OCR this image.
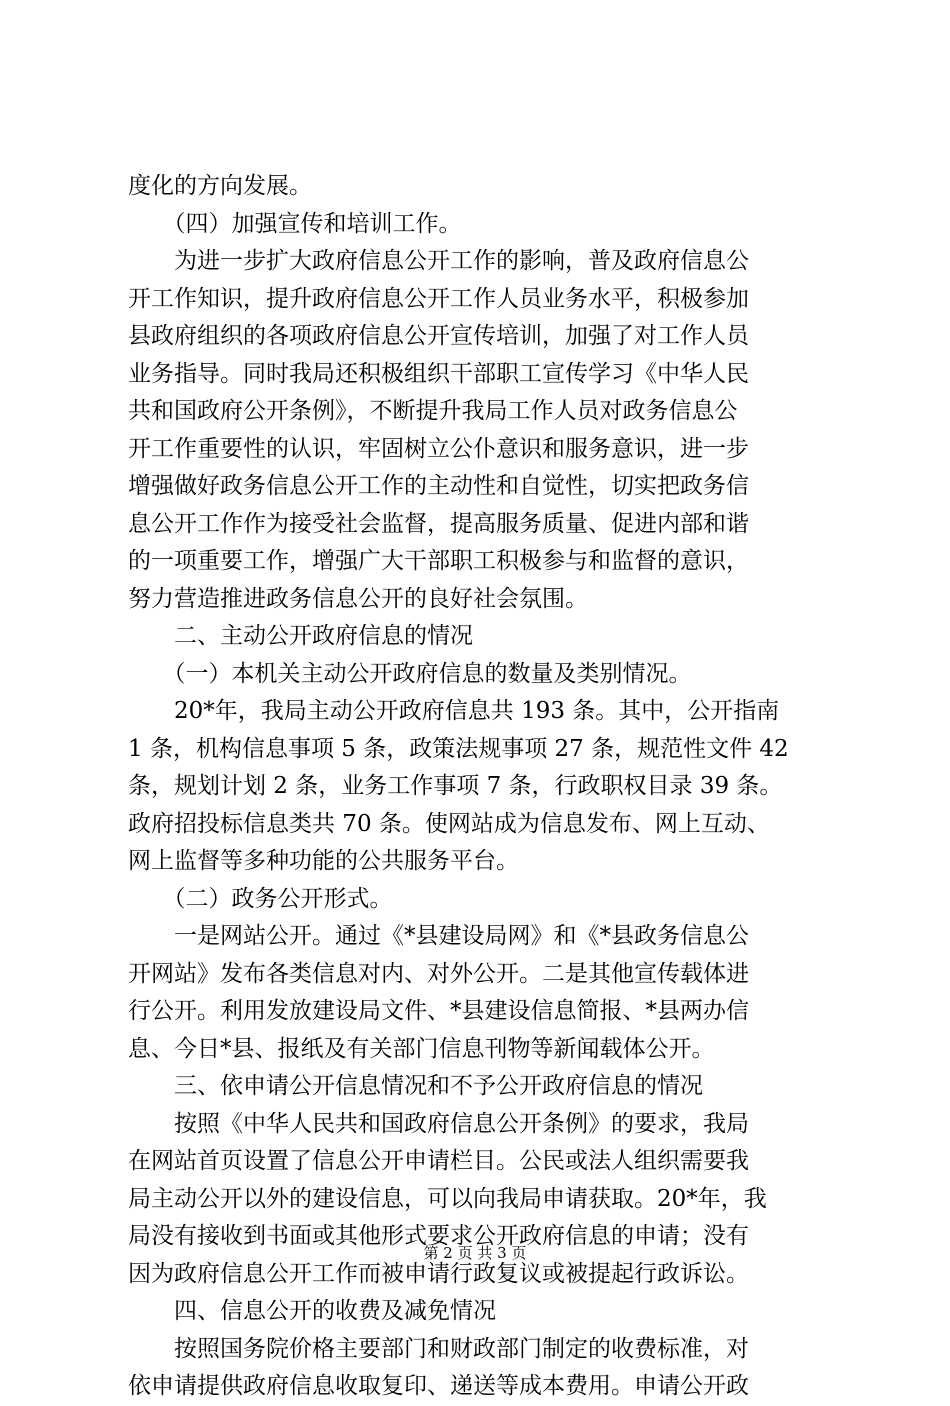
度化的方向发展。
　　（四）加强宣传和培训工作。
　　为进一步扩大政府信息公开工作的影响，普及政府信息公
开工作知识，提升政府信息公开工作人员业务水平，积极参加
县政府组织的各项政府信息公开宣传培训，加强了对工作人员
业务指导。同时我局还积极组织干部职工宣传学习《中华人民
共和国政府公开条例》，不断提升我局工作人员对政务信息公
开工作重要性的认识，牢固树立公仆意识和服务意识，进一步
增强做好政务信息公开工作的主动性和自觉性，切实把政务信
息公开工作作为接受社会监督，提高服务质量、促进内部和谐
的一项重要工作，增强广大干部职工积极参与和监督的意识，
努力营造推进政务信息公开的良好社会氛围。
　　二、主动公开政府信息的情况
　　（一）本机关主动公开政府信息的数量及类别情况。
　　20*年，我局主动公开政府信息共 193 条。其中，公开指南
1 条，机构信息事项 5 条，政策法规事项 27 条，规范性文件 42
条，规划计划 2 条，业务工作事项 7 条，行政职权目录 39 条。
政府招投标信息类共 70 条。使网站成为信息发布、网上互动、
网上监督等多种功能的公共服务平台。
　　（二）政务公开形式。
　　一是网站公开。通过《*县建设局网》和《*县政务信息公
开网站》发布各类信息对内、对外公开。二是其他宣传载体进
行公开。利用发放建设局文件、*县建设信息简报、*县两办信
息、今日*县、报纸及有关部门信息刊物等新闻载体公开。
　　三、依申请公开信息情况和不予公开政府信息的情况
　　按照《中华人民共和国政府信息公开条例》的要求，我局
在网站首页设置了信息公开申请栏目。公民或法人组织需要我
局主动公开以外的建设信息，可以向我局申请获取。20*年，我
局没有接收到书面或其他形式要求公开政府信息的申请；没有
因为政府信息公开工作而被申请行政复议或被提起行政诉讼。
　　四、信息公开的收费及减免情况
　　按照国务院价格主要部门和财政部门制定的收费标准，对
依申请提供政府信息收取复印、递送等成本费用。申请公开政
第 2 页 共 3 页
